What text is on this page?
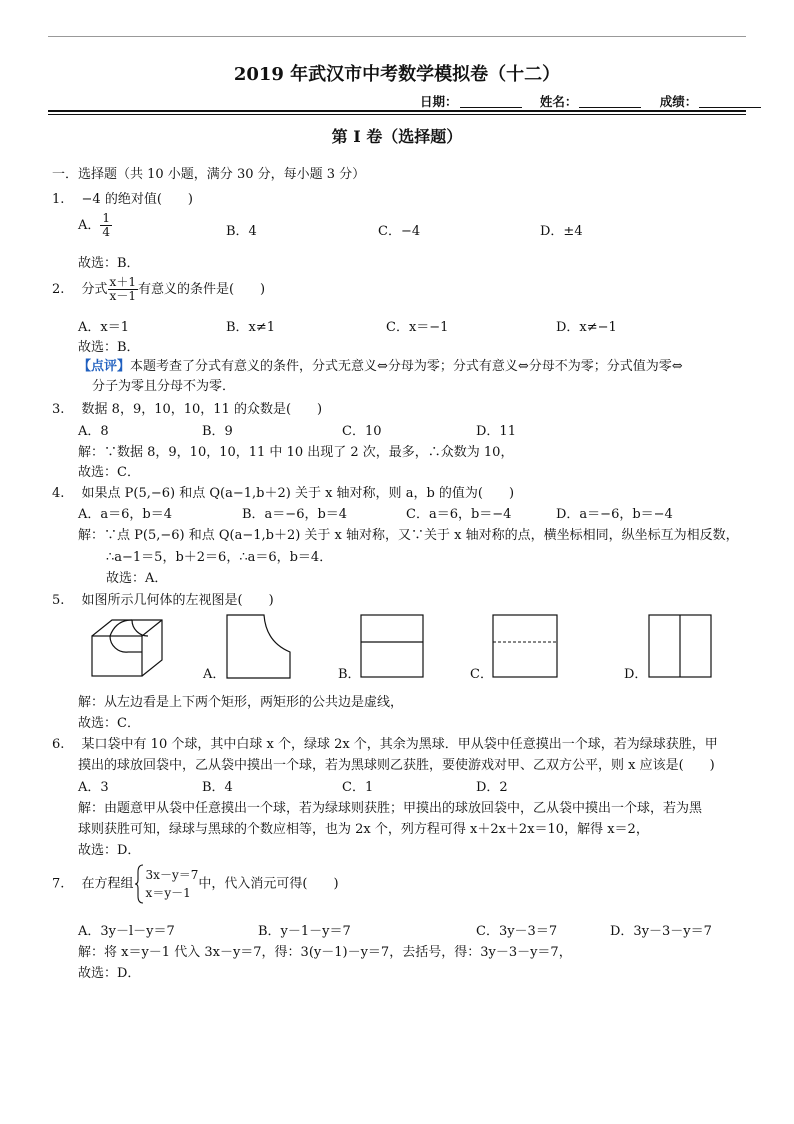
2019 年武汉市中考数学模拟卷（十二）
日期：	姓名：	成绩：
第 I 卷（选择题）
一．选择题（共 10 小题，满分 30 分，每小题 3 分）
1.　 −4 的绝对值(　　)
A． $\frac{1}{4}$	B．4	C．−4	D．±4
故选：B．
2.　 分式 $\frac{x+1}{x-1}$ 有意义的条件是(　　)
A．x＝1	B．x≠1	C．x＝−1	D．x≠−1
故选：B．
【点评】本题考查了分式有意义的条件，分式无意义⇔分母为零；分式有意义⇔分母不为零；分式值为零⇔
分子为零且分母不为零．
3.　 数据 8，9，10，10，11 的众数是(　　)
A．8	B．9	C．10	D．11
解：∵数据 8，9，10，10，11 中 10 出现了 2 次，最多，∴众数为 10，
故选：C．
4.　 如果点 P(5,−6) 和点 Q(a−1,b＋2) 关于 x 轴对称，则 a，b 的值为(　　)
A．a＝6，b＝4	B．a＝−6，b＝4	C．a＝6，b＝−4	D．a＝−6，b＝−4
解：∵点 P(5,−6) 和点 Q(a−1,b＋2) 关于 x 轴对称，又∵关于 x 轴对称的点，横坐标相同，纵坐标互为相反数，
∴a−1＝5，b＋2＝6，∴a＝6，b＝4．
故选：A．
5.　 如图所示几何体的左视图是(　　)
A．	B．	C．	D．
解：从左边看是上下两个矩形，两矩形的公共边是虚线，
故选：C．
6.　 某口袋中有 10 个球，其中白球 x 个，绿球 2x 个，其余为黑球．甲从袋中任意摸出一个球，若为绿球获胜，甲
摸出的球放回袋中，乙从袋中摸出一个球，若为黑球则乙获胜，要使游戏对甲、乙双方公平，则 x 应该是(　　)
A．3	B．4	C．1	D．2
解：由题意甲从袋中任意摸出一个球，若为绿球则获胜；甲摸出的球放回袋中，乙从袋中摸出一个球，若为黑
球则获胜可知，绿球与黑球的个数应相等，也为 2x 个，列方程可得 x＋2x＋2x＝10，解得 x＝2，
故选：D．
7.　 在方程组
3x－y＝7
x＝y－1
中，代入消元可得(　　)
A．3y－l－y＝7	B．y－1－y＝7	C．3y－3＝7	D．3y－3－y＝7
解：将 x＝y－1 代入 3x－y＝7，得：3(y－1)－y＝7，去括号，得：3y－3－y＝7，
故选：D．
